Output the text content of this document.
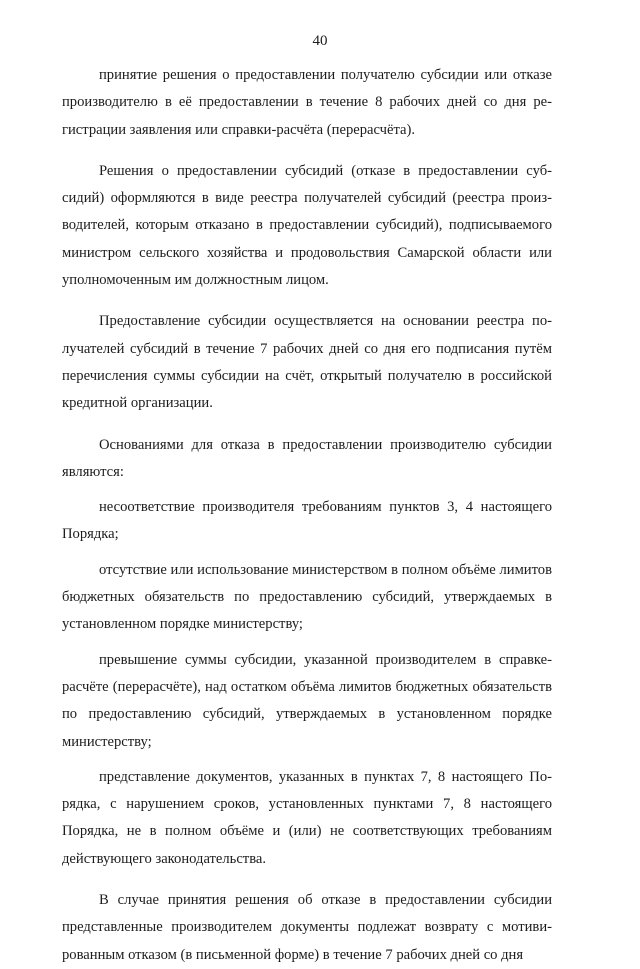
40

принятие решения о предоставлении получателю субсидии или отказе производителю в её предоставлении в течение 8 рабочих дней со дня регистрации заявления или справки-расчёта (перерасчёта).

Решения о предоставлении субсидий (отказе в предоставлении субсидий) оформляются в виде реестра получателей субсидий (реестра производителей, которым отказано в предоставлении субсидий), подписываемого министром сельского хозяйства и продовольствия Самарской области или уполномоченным им должностным лицом.

Предоставление субсидии осуществляется на основании реестра получателей субсидий в течение 7 рабочих дней со дня его подписания путём перечисления суммы субсидии на счёт, открытый получателю в российской кредитной организации.

Основаниями для отказа в предоставлении производителю субсидии являются:

несоответствие производителя требованиям пунктов 3, 4 настоящего Порядка;

отсутствие или использование министерством в полном объёме лимитов бюджетных обязательств по предоставлению субсидий, утверждаемых в установленном порядке министерству;

превышение суммы субсидии, указанной производителем в справке-расчёте (перерасчёте), над остатком объёма лимитов бюджетных обязательств по предоставлению субсидий, утверждаемых в установленном порядке министерству;

представление документов, указанных в пунктах 7, 8 настоящего Порядка, с нарушением сроков, установленных пунктами 7, 8 настоящего Порядка, не в полном объёме и (или) не соответствующих требованиям действующего законодательства.

В случае принятия решения об отказе в предоставлении субсидии представленные производителем документы подлежат возврату с мотивированным отказом (в письменной форме) в течение 7 рабочих дней со дня
